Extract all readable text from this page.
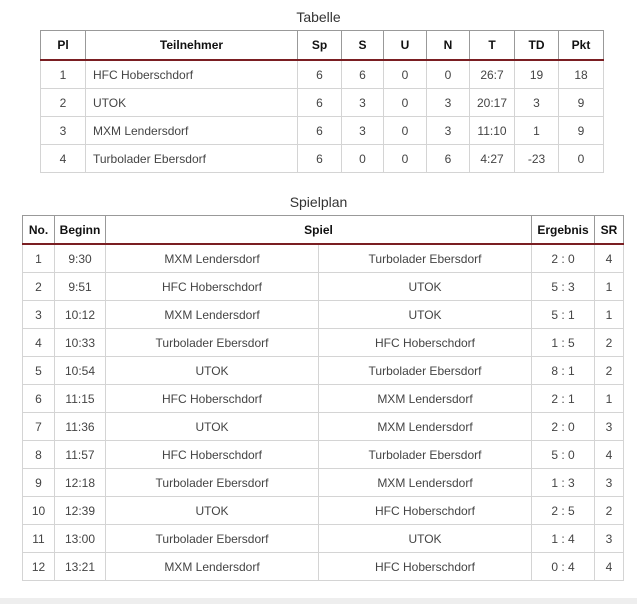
Tabelle
Pl	Teilnehmer	Sp	S	U	N	T	TD	Pkt
1	HFC Hoberschdorf	6	6	0	0	26:7	19	18
2	UTOK	6	3	0	3	20:17	3	9
3	MXM Lendersdorf	6	3	0	3	11:10	1	9
4	Turbolader Ebersdorf	6	0	0	6	4:27	-23	0
Spielplan
No.	Beginn	Spiel		Ergebnis	SR
1	9:30	MXM Lendersdorf	Turbolader Ebersdorf	2 : 0	4
2	9:51	HFC Hoberschdorf	UTOK	5 : 3	1
3	10:12	MXM Lendersdorf	UTOK	5 : 1	1
4	10:33	Turbolader Ebersdorf	HFC Hoberschdorf	1 : 5	2
5	10:54	UTOK	Turbolader Ebersdorf	8 : 1	2
6	11:15	HFC Hoberschdorf	MXM Lendersdorf	2 : 1	1
7	11:36	UTOK	MXM Lendersdorf	2 : 0	3
8	11:57	HFC Hoberschdorf	Turbolader Ebersdorf	5 : 0	4
9	12:18	Turbolader Ebersdorf	MXM Lendersdorf	1 : 3	3
10	12:39	UTOK	HFC Hoberschdorf	2 : 5	2
11	13:00	Turbolader Ebersdorf	UTOK	1 : 4	3
12	13:21	MXM Lendersdorf	HFC Hoberschdorf	0 : 4	4
